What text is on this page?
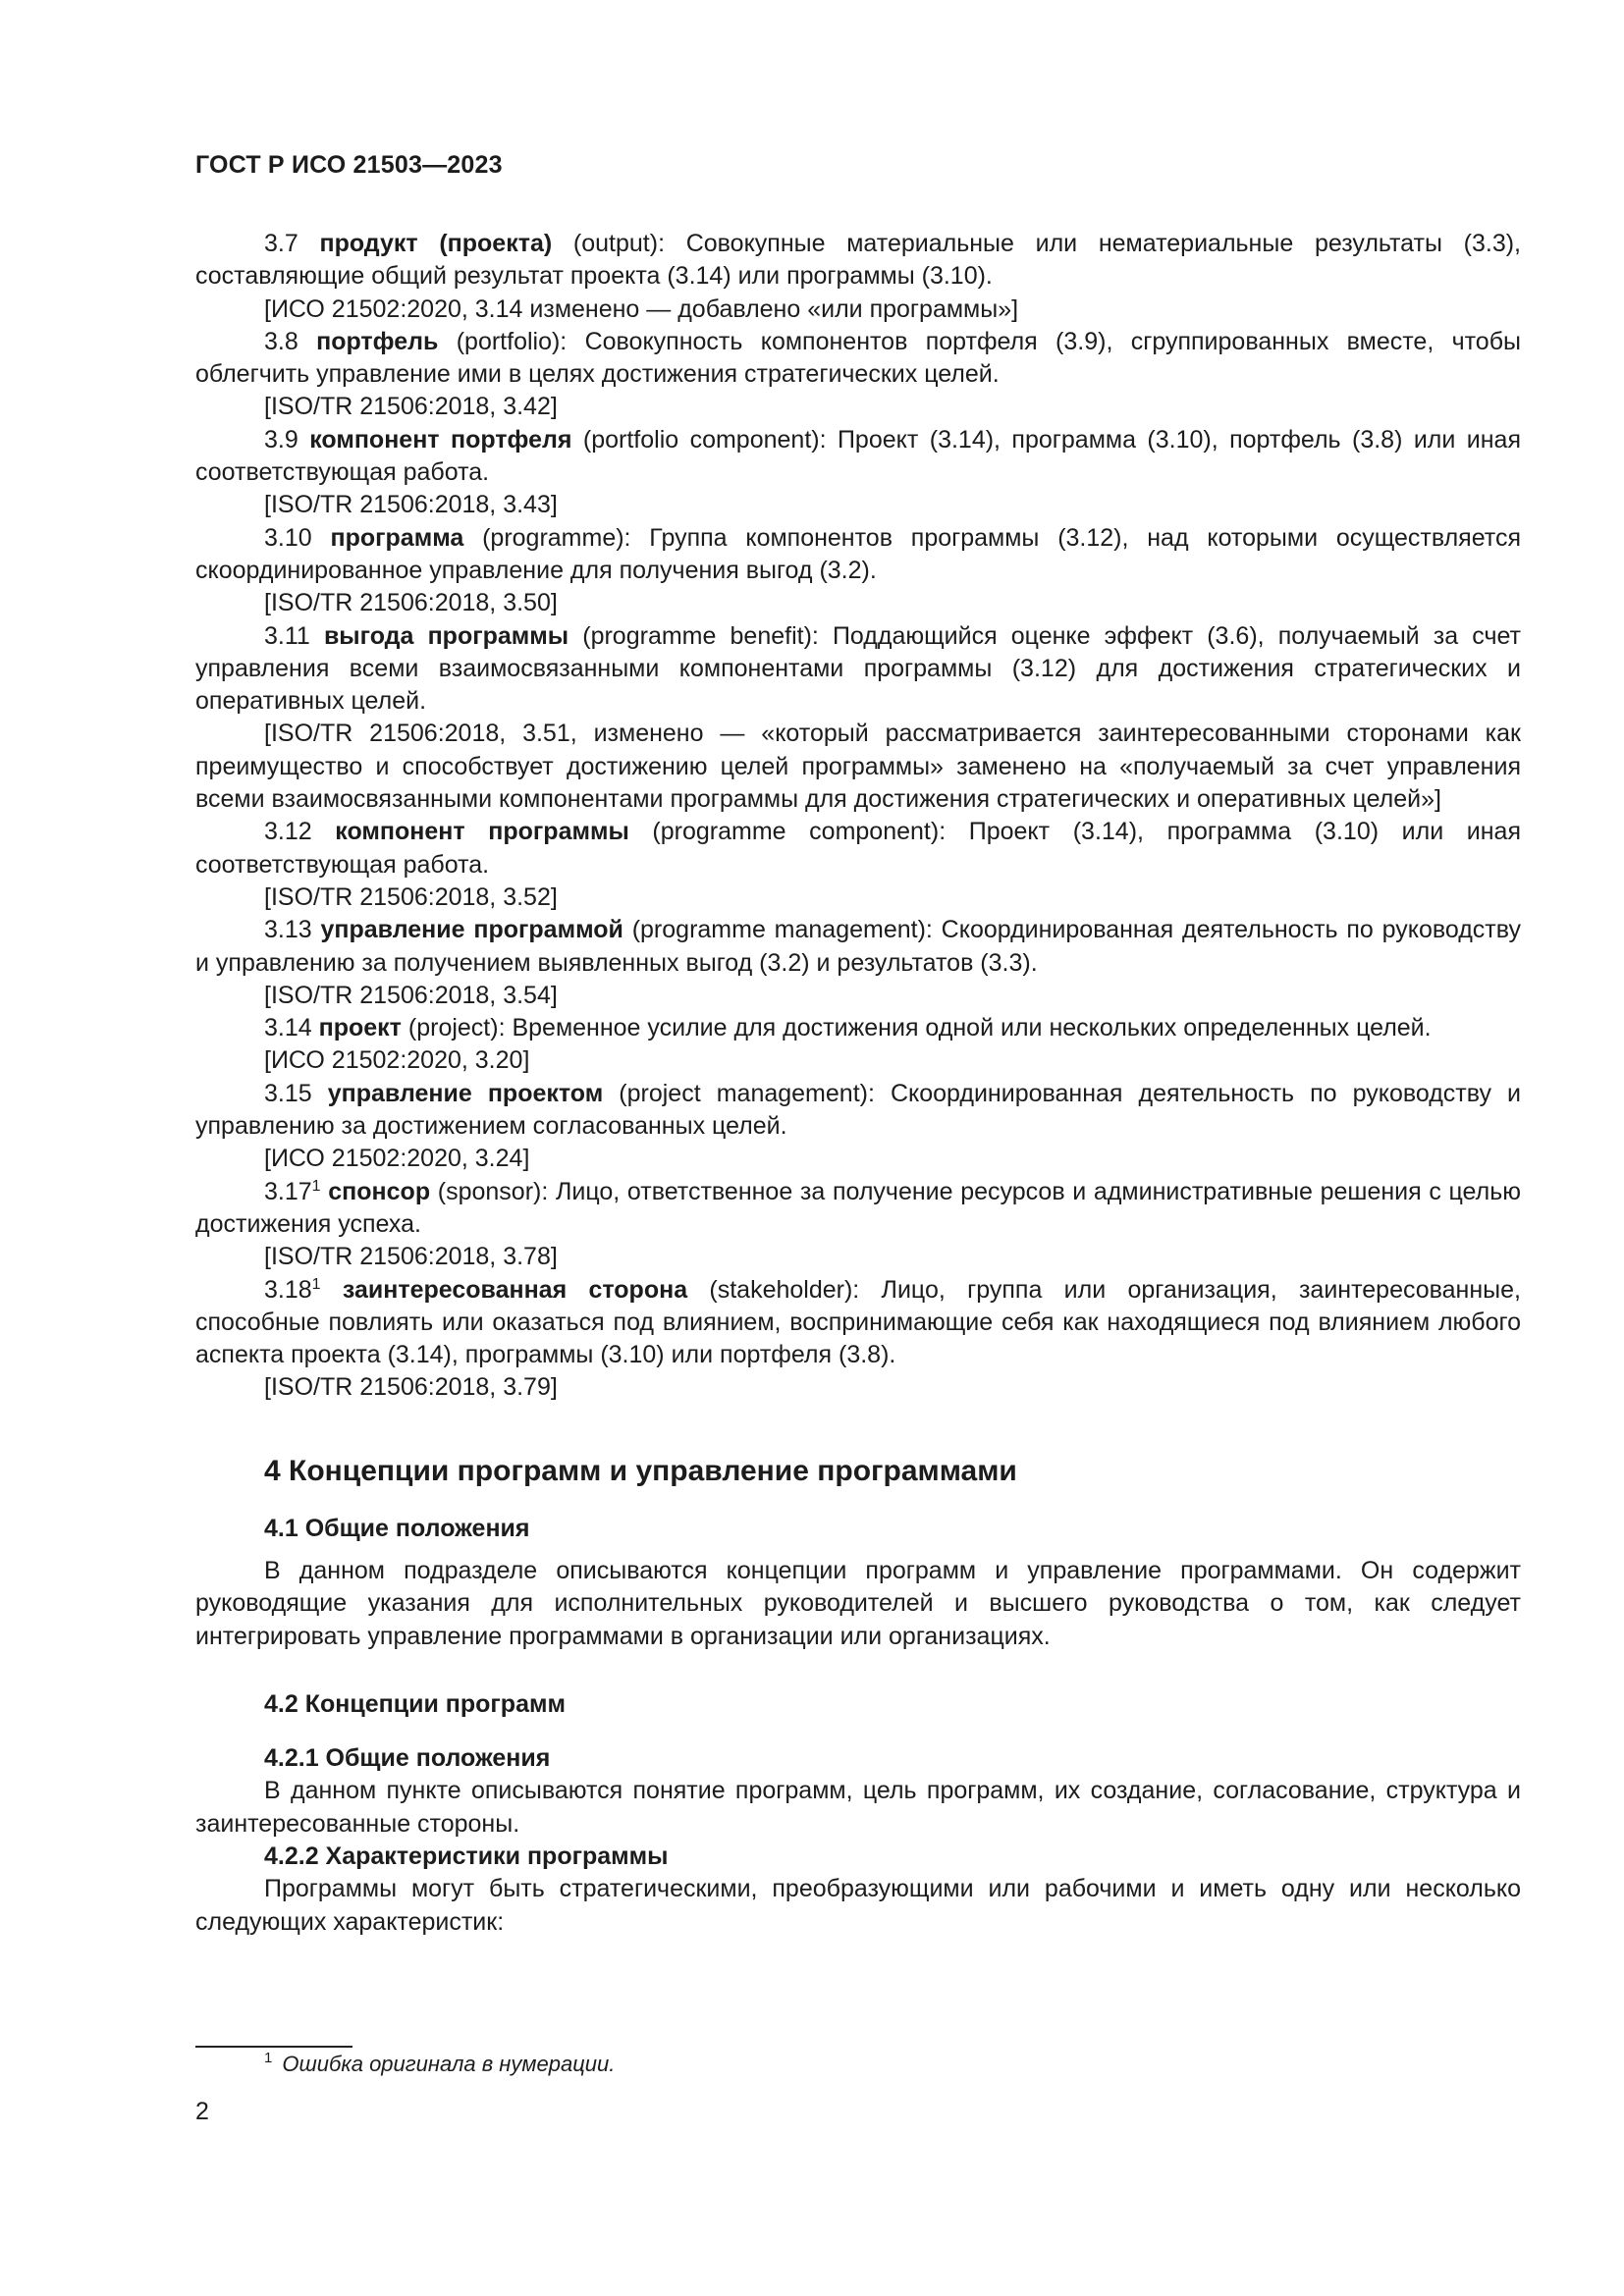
ГОСТ Р ИСО 21503—2023

3.7 продукт (проекта) (output): Совокупные материальные или нематериальные результаты (3.3), составляющие общий результат проекта (3.14) или программы (3.10).

[ИСО 21502:2020, 3.14 изменено — добавлено «или программы»]

3.8 портфель (portfolio): Совокупность компонентов портфеля (3.9), сгруппированных вместе, чтобы облегчить управление ими в целях достижения стратегических целей.

[ISO/TR 21506:2018, 3.42]

3.9 компонент портфеля (portfolio component): Проект (3.14), программа (3.10), портфель (3.8) или иная соответствующая работа.

[ISO/TR 21506:2018, 3.43]

3.10 программа (programme): Группа компонентов программы (3.12), над которыми осуществляется скоординированное управление для получения выгод (3.2).

[ISO/TR 21506:2018, 3.50]

3.11 выгода программы (programme benefit): Поддающийся оценке эффект (3.6), получаемый за счет управления всеми взаимосвязанными компонентами программы (3.12) для достижения стратегических и оперативных целей.

[ISO/TR 21506:2018, 3.51, изменено — «который рассматривается заинтересованными сторонами как преимущество и способствует достижению целей программы» заменено на «получаемый за счет управления всеми взаимосвязанными компонентами программы для достижения стратегических и оперативных целей»]

3.12 компонент программы (programme component): Проект (3.14), программа (3.10) или иная соответствующая работа.

[ISO/TR 21506:2018, 3.52]

3.13 управление программой (programme management): Скоординированная деятельность по руководству и управлению за получением выявленных выгод (3.2) и результатов (3.3).

[ISO/TR 21506:2018, 3.54]

3.14 проект (project): Временное усилие для достижения одной или нескольких определенных целей.

[ИСО 21502:2020, 3.20]

3.15 управление проектом (project management): Скоординированная деятельность по руководству и управлению за достижением согласованных целей.

[ИСО 21502:2020, 3.24]

3.17$^1$ спонсор (sponsor): Лицо, ответственное за получение ресурсов и административные решения с целью достижения успеха.

[ISO/TR 21506:2018, 3.78]

3.18$^1$ заинтересованная сторона (stakeholder): Лицо, группа или организация, заинтересованные, способные повлиять или оказаться под влиянием, воспринимающие себя как находящиеся под влиянием любого аспекта проекта (3.14), программы (3.10) или портфеля (3.8).

[ISO/TR 21506:2018, 3.79]

4 Концепции программ и управление программами
4.1 Общие положения

В данном подразделе описываются концепции программ и управление программами. Он содержит руководящие указания для исполнительных руководителей и высшего руководства о том, как следует интегрировать управление программами в организации или организациях.

4.2 Концепции программ
4.2.1 Общие положения

В данном пункте описываются понятие программ, цель программ, их создание, согласование, структура и заинтересованные стороны.

4.2.2 Характеристики программы

Программы могут быть стратегическими, преобразующими или рабочими и иметь одну или несколько следующих характеристик:

$^1$ Ошибка оригинала в нумерации.
2
